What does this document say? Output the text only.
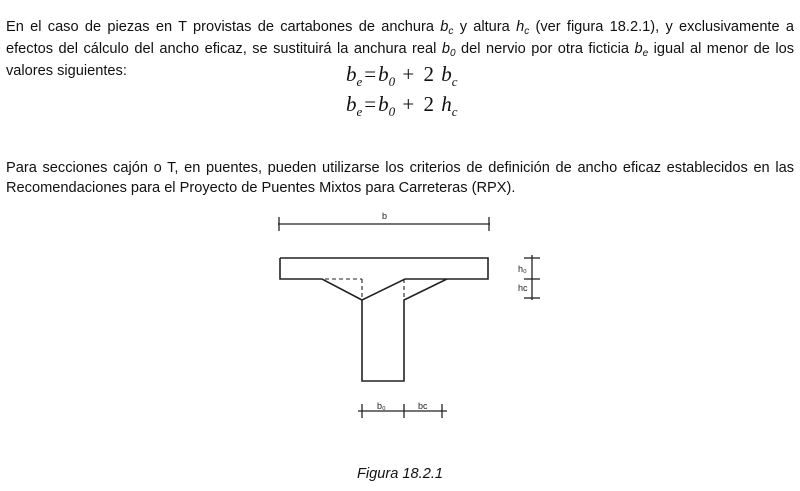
En el caso de piezas en T provistas de cartabones de anchura $b_c$ y altura $h_c$ (ver figura 18.2.1), y exclusivamente a efectos del cálculo del ancho eficaz, se sustituirá la anchura real $b_0$ del nervio por otra ficticia $b_e$ igual al menor de los valores siguientes:	$b_e=b_0 + 2$ $b_c$
$b_e=b_0 + 2$ $h_c$

Para secciones cajón o T, en puentes, pueden utilizarse los criterios de definición de ancho eficaz establecidos en las Recomendaciones para el Proyecto de Puentes Mixtos para Carreteras (RPX).

b
h₀
hc
b₀	bc
Figura 18.2.1
